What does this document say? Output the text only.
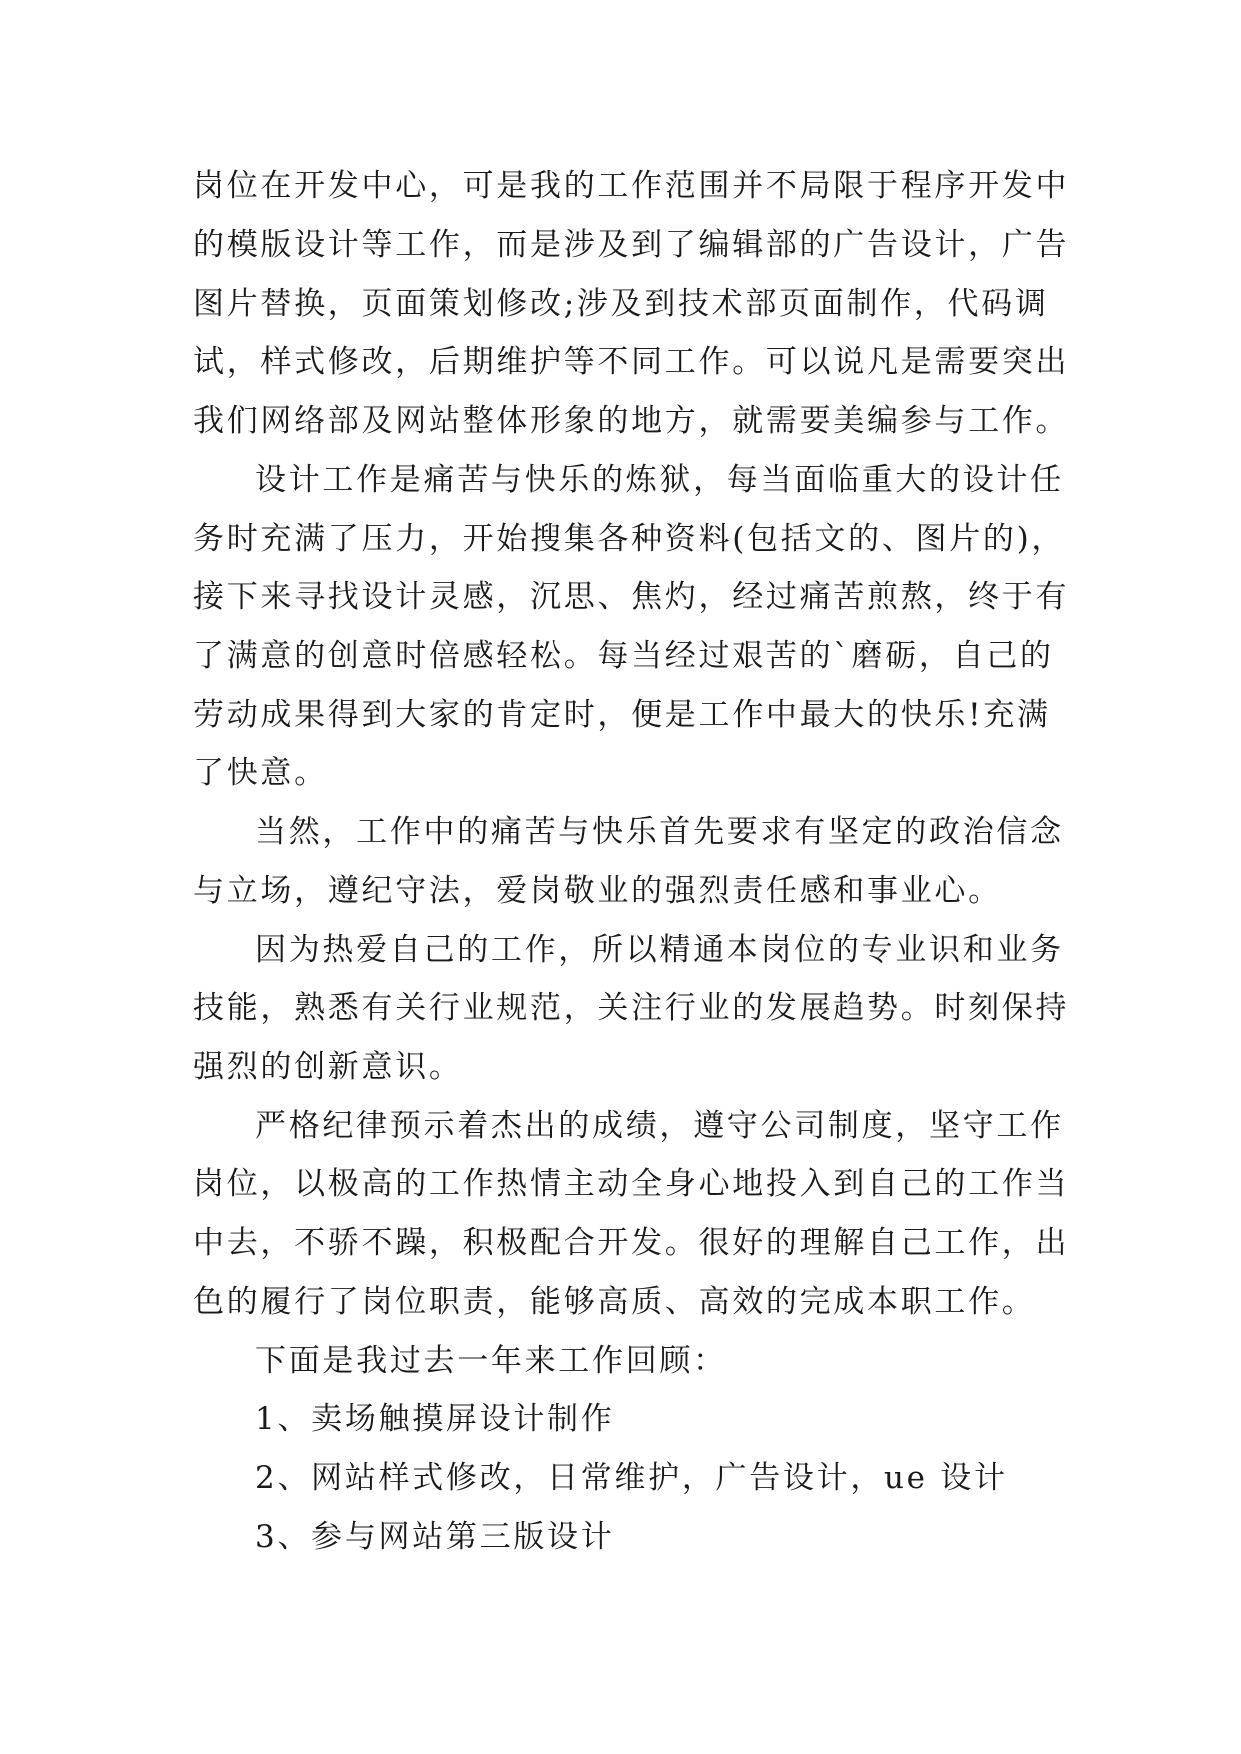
岗位在开发中心，可是我的工作范围并不局限于程序开发中
的模版设计等工作，而是涉及到了编辑部的广告设计，广告
图片替换，页面策划修改;涉及到技术部页面制作，代码调
试，样式修改，后期维护等不同工作。可以说凡是需要突出
我们网络部及网站整体形象的地方，就需要美编参与工作。
设计工作是痛苦与快乐的炼狱，每当面临重大的设计任
务时充满了压力，开始搜集各种资料(包括文的、图片的)，
接下来寻找设计灵感，沉思、焦灼，经过痛苦煎熬，终于有
了满意的创意时倍感轻松。每当经过艰苦的`磨砺，自己的
劳动成果得到大家的肯定时，便是工作中最大的快乐!充满
了快意。
当然，工作中的痛苦与快乐首先要求有坚定的政治信念
与立场，遵纪守法，爱岗敬业的强烈责任感和事业心。
因为热爱自己的工作，所以精通本岗位的专业识和业务
技能，熟悉有关行业规范，关注行业的发展趋势。时刻保持
强烈的创新意识。
严格纪律预示着杰出的成绩，遵守公司制度，坚守工作
岗位，以极高的工作热情主动全身心地投入到自己的工作当
中去，不骄不躁，积极配合开发。很好的理解自己工作，出
色的履行了岗位职责，能够高质、高效的完成本职工作。
下面是我过去一年来工作回顾：
1、卖场触摸屏设计制作
2、网站样式修改，日常维护，广告设计，ue 设计
3、参与网站第三版设计
